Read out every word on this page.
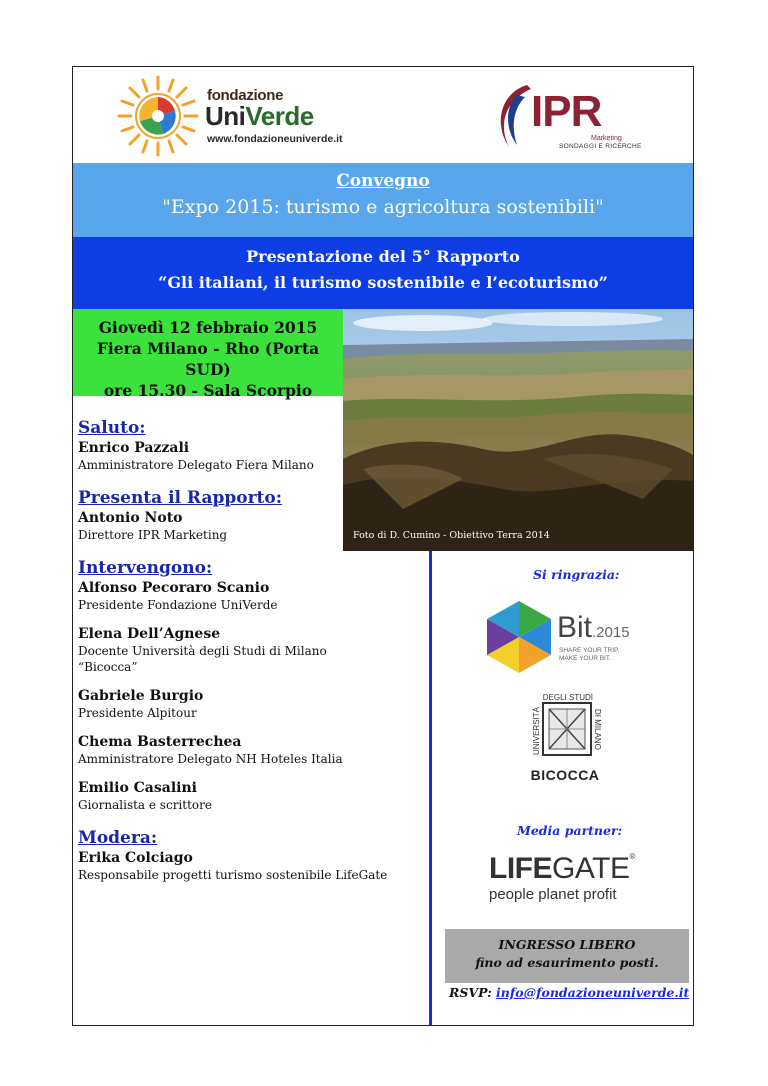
fondazione
UniVerde
www.fondazioneuniverde.it
IPR
Marketing
SONDAGGI E RICERCHE
Convegno
"Expo 2015: turismo e agricoltura sostenibili"
Presentazione del 5° Rapporto
“Gli italiani, il turismo sostenibile e l’ecoturismo”
Giovedì 12 febbraio 2015
Fiera Milano - Rho (Porta SUD)
ore 15.30 - Sala Scorpio
Foto di D. Cumino - Obiettivo Terra 2014
Saluto:
Enrico Pazzali
Amministratore Delegato Fiera Milano
Presenta il Rapporto:
Antonio Noto
Direttore IPR Marketing
Intervengono:
Alfonso Pecoraro Scanio
Presidente Fondazione UniVerde
Elena Dell’Agnese
Docente Università degli Studi di Milano
“Bicocca”
Gabriele Burgio
Presidente Alpitour
Chema Basterrechea
Amministratore Delegato NH Hoteles Italia
Emilio Casalini
Giornalista e scrittore
Modera:
Erika Colciago
Responsabile progetti turismo sostenibile LifeGate
Si ringrazia:
Bit.2015
SHARE YOUR TRIP.
MAKE YOUR BIT.
DEGLI STUDI
UNIVERSITÀ	DI MILANO
BICOCCA
Media partner:
LIFEGATE®
people planet profit
INGRESSO LIBERO
fino ad esaurimento posti.
RSVP: info@fondazioneuniverde.it
